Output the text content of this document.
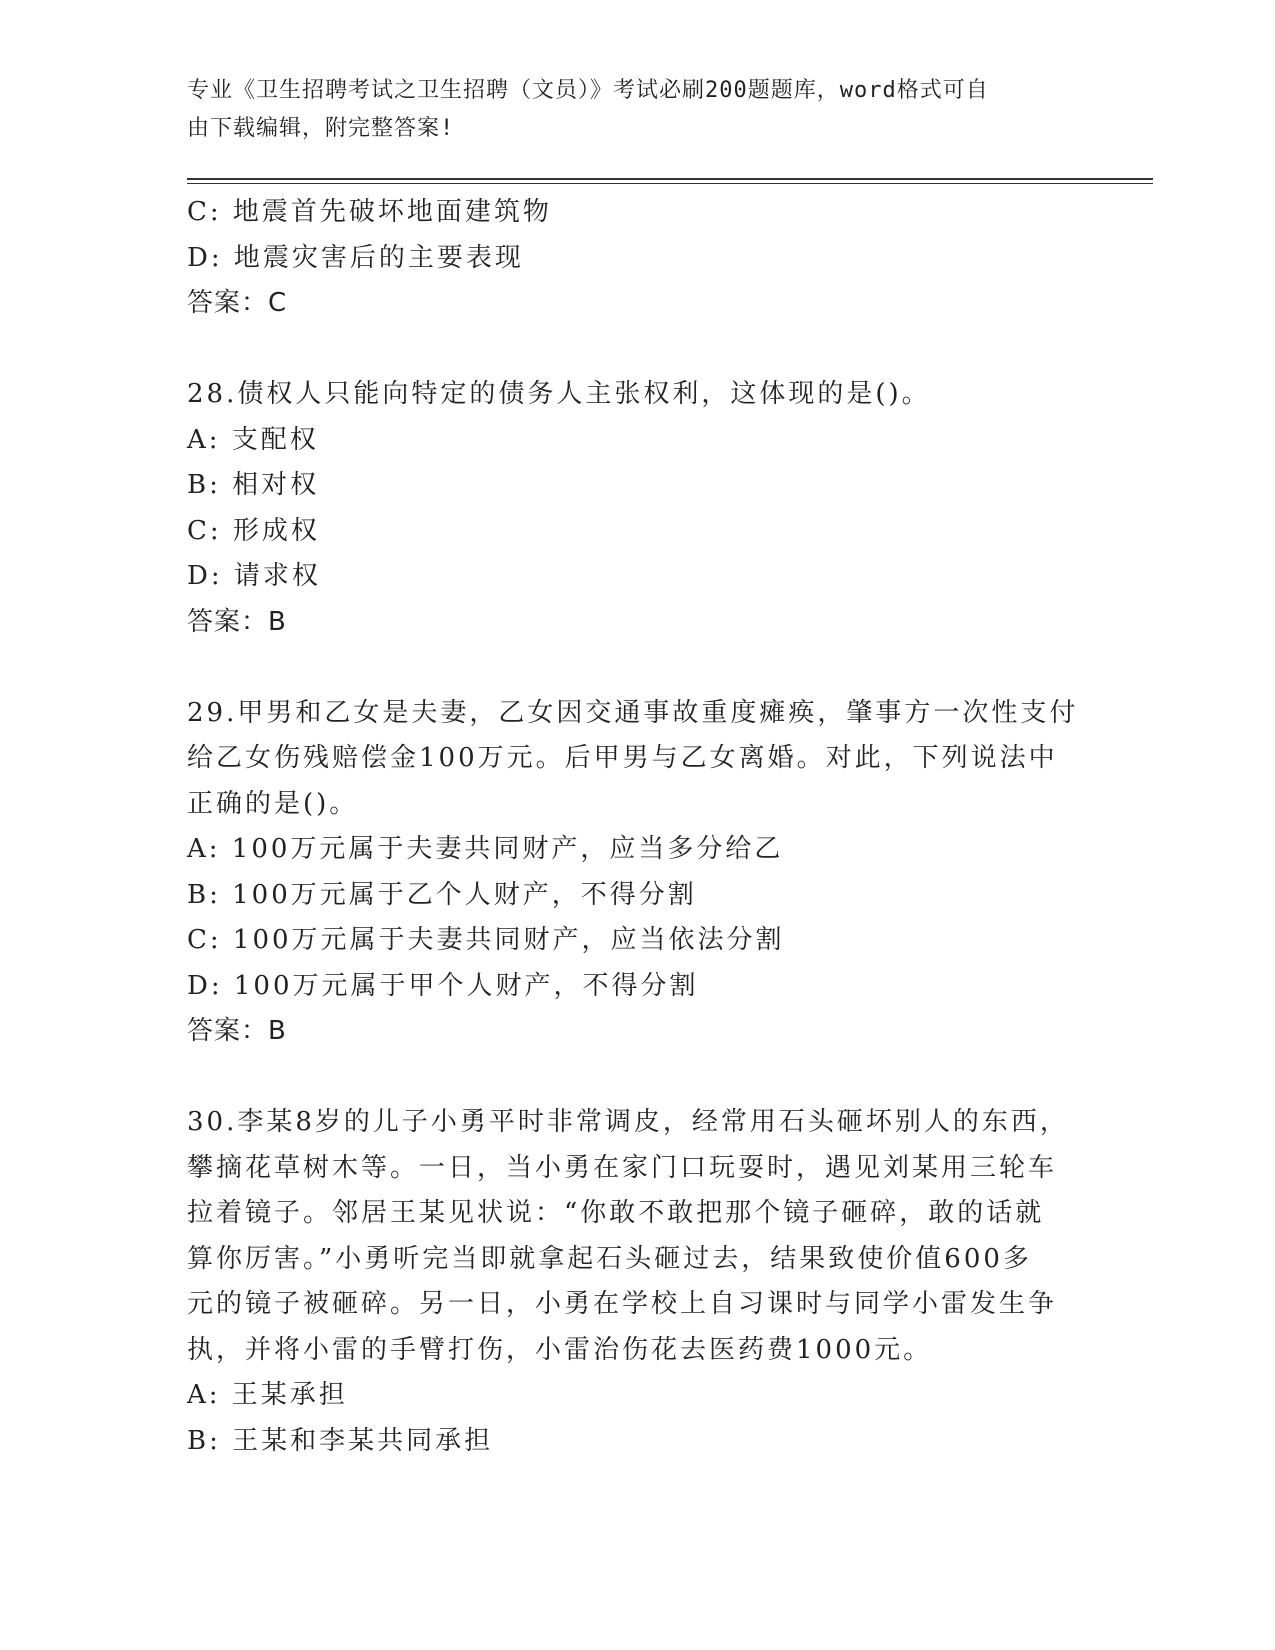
专业《卫生招聘考试之卫生招聘（文员）》考试必刷200题题库，word格式可自
由下载编辑，附完整答案!
C: 地震首先破坏地面建筑物
D: 地震灾害后的主要表现
答案：C
28.债权人只能向特定的债务人主张权利，这体现的是()。
A: 支配权
B: 相对权
C: 形成权
D: 请求权
答案：B
29.甲男和乙女是夫妻，乙女因交通事故重度瘫痪，肇事方一次性支付
给乙女伤残赔偿金100万元。后甲男与乙女离婚。对此，下列说法中
正确的是()。
A: 100万元属于夫妻共同财产，应当多分给乙
B: 100万元属于乙个人财产，不得分割
C: 100万元属于夫妻共同财产，应当依法分割
D: 100万元属于甲个人财产，不得分割
答案：B
30.李某8岁的儿子小勇平时非常调皮，经常用石头砸坏别人的东西，
攀摘花草树木等。一日，当小勇在家门口玩耍时，遇见刘某用三轮车
拉着镜子。邻居王某见状说：“你敢不敢把那个镜子砸碎，敢的话就
算你厉害。”小勇听完当即就拿起石头砸过去，结果致使价值600多
元的镜子被砸碎。另一日，小勇在学校上自习课时与同学小雷发生争
执，并将小雷的手臂打伤，小雷治伤花去医药费1000元。
A: 王某承担
B: 王某和李某共同承担
